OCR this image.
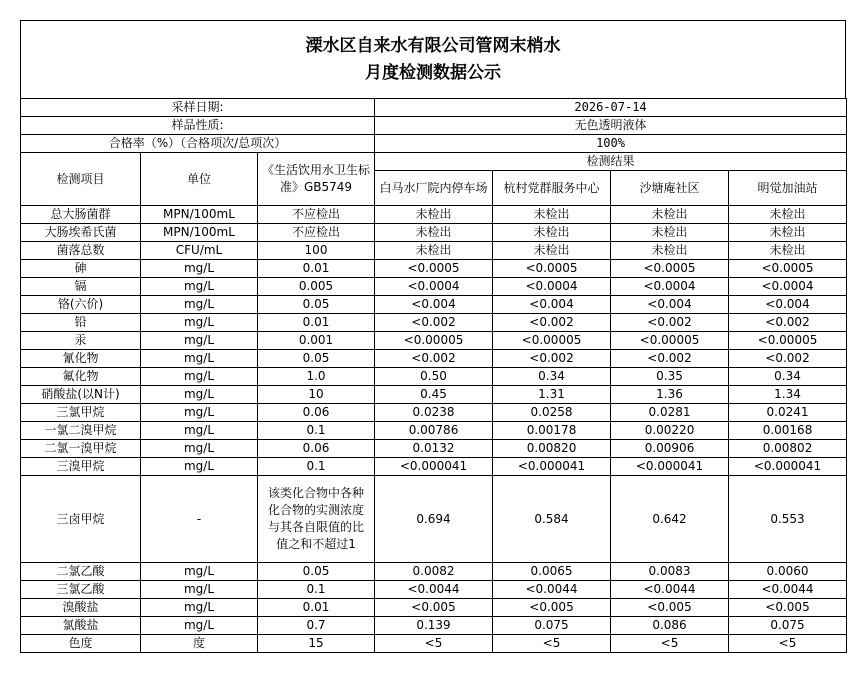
溧水区自来水有限公司管网末梢水
月度检测数据公示
采样日期:			2026-07-14			
样品性质:			无色透明液体			
合格率（%）（合格项次/总项次）			100%			
检测项目	单位	《生活饮用水卫生标准》GB5749	检测结果			
			白马水厂院内停车场	杭村党群服务中心	沙塘庵社区	明觉加油站
总大肠菌群	MPN/100mL	不应检出	未检出	未检出	未检出	未检出
大肠埃希氏菌	MPN/100mL	不应检出	未检出	未检出	未检出	未检出
菌落总数	CFU/mL	100	未检出	未检出	未检出	未检出
砷	mg/L	0.01	<0.0005	<0.0005	<0.0005	<0.0005
镉	mg/L	0.005	<0.0004	<0.0004	<0.0004	<0.0004
铬(六价)	mg/L	0.05	<0.004	<0.004	<0.004	<0.004
铅	mg/L	0.01	<0.002	<0.002	<0.002	<0.002
汞	mg/L	0.001	<0.00005	<0.00005	<0.00005	<0.00005
氰化物	mg/L	0.05	<0.002	<0.002	<0.002	<0.002
氟化物	mg/L	1.0	0.50	0.34	0.35	0.34
硝酸盐(以N计)	mg/L	10	0.45	1.31	1.36	1.34
三氯甲烷	mg/L	0.06	0.0238	0.0258	0.0281	0.0241
一氯二溴甲烷	mg/L	0.1	0.00786	0.00178	0.00220	0.00168
二氯一溴甲烷	mg/L	0.06	0.0132	0.00820	0.00906	0.00802
三溴甲烷	mg/L	0.1	<0.000041	<0.000041	<0.000041	<0.000041
三卤甲烷	-	该类化合物中各种化合物的实测浓度与其各自限值的比值之和不超过1	0.694	0.584	0.642	0.553
二氯乙酸	mg/L	0.05	0.0082	0.0065	0.0083	0.0060
三氯乙酸	mg/L	0.1	<0.0044	<0.0044	<0.0044	<0.0044
溴酸盐	mg/L	0.01	<0.005	<0.005	<0.005	<0.005
氯酸盐	mg/L	0.7	0.139	0.075	0.086	0.075
色度	度	15	<5	<5	<5	<5
